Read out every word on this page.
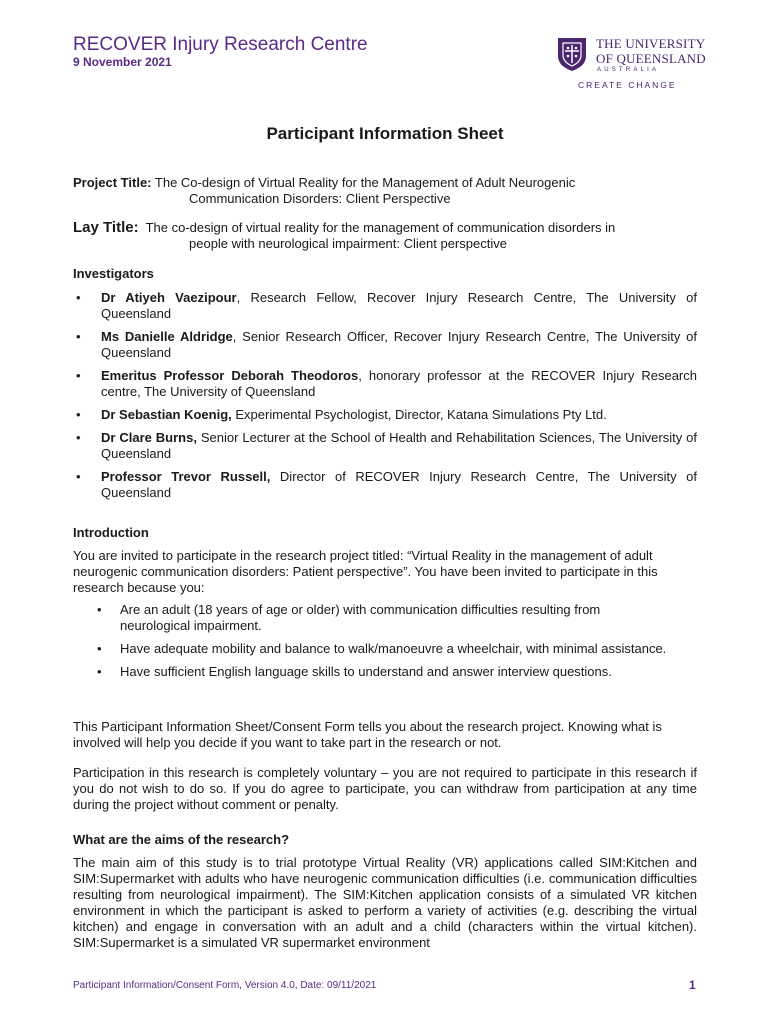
RECOVER Injury Research Centre
9 November 2021
THE UNIVERSITY
OF QUEENSLAND
AUSTRALIA
CREATE CHANGE
Participant Information Sheet
Project Title: The Co-design of Virtual Reality for the Management of Adult Neurogenic
Communication Disorders: Client Perspective
Lay Title: The co-design of virtual reality for the management of communication disorders in
people with neurological impairment: Client perspective
Investigators
• Dr Atiyeh Vaezipour, Research Fellow, Recover Injury Research Centre, The University of Queensland
• Ms Danielle Aldridge, Senior Research Officer, Recover Injury Research Centre, The University of Queensland
• Emeritus Professor Deborah Theodoros, honorary professor at the RECOVER Injury Research centre, The University of Queensland
• Dr Sebastian Koenig, Experimental Psychologist, Director, Katana Simulations Pty Ltd.
• Dr Clare Burns, Senior Lecturer at the School of Health and Rehabilitation Sciences, The University of Queensland
• Professor Trevor Russell, Director of RECOVER Injury Research Centre, The University of Queensland
Introduction
You are invited to participate in the research project titled: “Virtual Reality in the management of adult neurogenic communication disorders: Patient perspective”. You have been invited to participate in this research because you:
• Are an adult (18 years of age or older) with communication difficulties resulting from neurological impairment.
• Have adequate mobility and balance to walk/manoeuvre a wheelchair, with minimal assistance.
• Have sufficient English language skills to understand and answer interview questions.
This Participant Information Sheet/Consent Form tells you about the research project. Knowing what is involved will help you decide if you want to take part in the research or not.
Participation in this research is completely voluntary – you are not required to participate in this research if you do not wish to do so. If you do agree to participate, you can withdraw from participation at any time during the project without comment or penalty.
What are the aims of the research?
The main aim of this study is to trial prototype Virtual Reality (VR) applications called SIM:Kitchen and SIM:Supermarket with adults who have neurogenic communication difficulties (i.e. communication difficulties resulting from neurological impairment). The SIM:Kitchen application consists of a simulated VR kitchen environment in which the participant is asked to perform a variety of activities (e.g. describing the virtual kitchen) and engage in conversation with an adult and a child (characters within the virtual kitchen). SIM:Supermarket is a simulated VR supermarket environment
Participant Information/Consent Form, Version 4.0, Date: 09/11/2021	1
